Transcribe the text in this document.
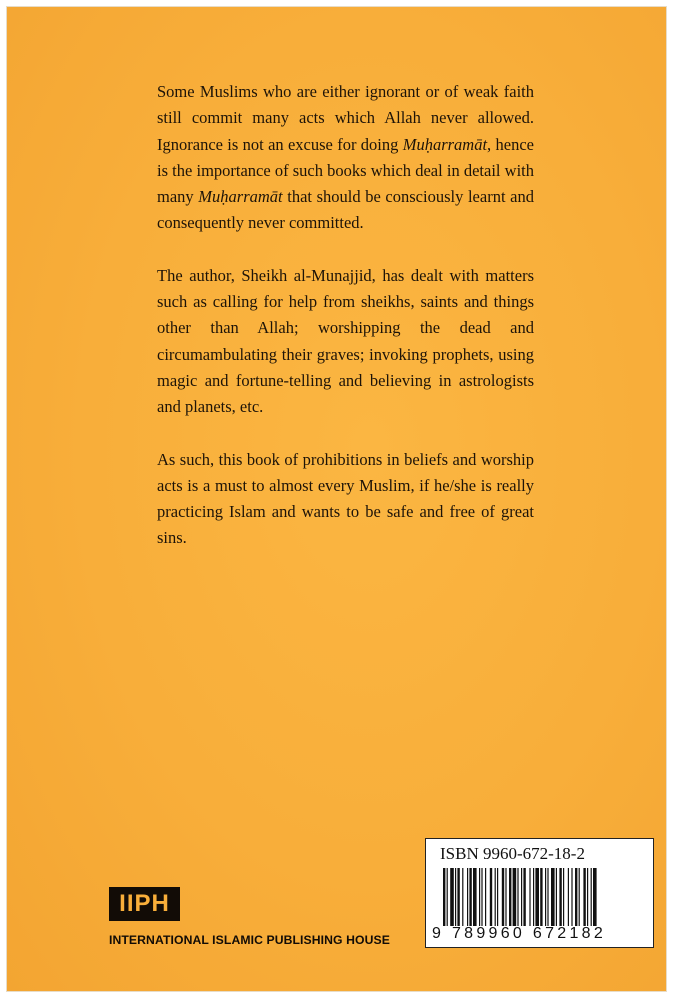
Some Muslims who are either ignorant or of weak faith still commit many acts which Allah never allowed. Ignorance is not an excuse for doing Muḥarramāt, hence is the importance of such books which deal in detail with many Muḥarramāt that should be consciously learnt and consequently never committed.

The author, Sheikh al-Munajjid, has dealt with matters such as calling for help from sheikhs, saints and things other than Allah; worshipping the dead and circumambulating their graves; invoking prophets, using magic and fortune-telling and believing in astrologists and planets, etc.

As such, this book of prohibitions in beliefs and worship acts is a must to almost every Muslim, if he/she is really practicing Islam and wants to be safe and free of great sins.

IIPH
INTERNATIONAL ISLAMIC PUBLISHING HOUSE
ISBN 9960-672-18-2
9 789960 672182
